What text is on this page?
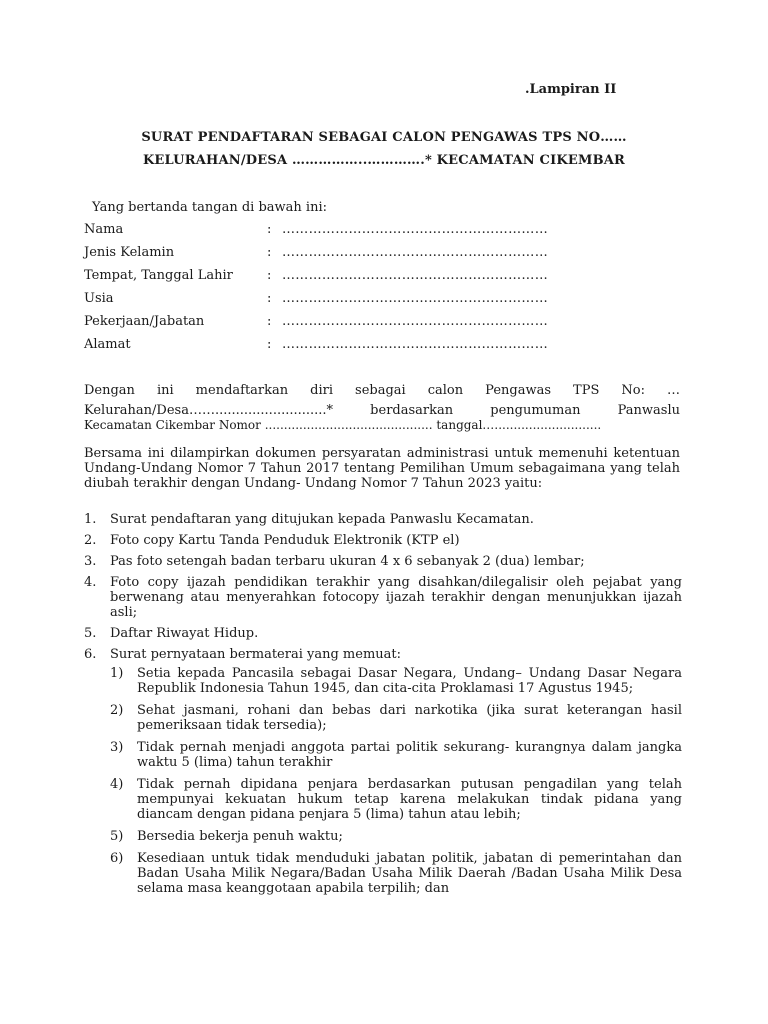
.Lampiran II
SURAT PENDAFTARAN SEBAGAI CALON PENGAWAS TPS NO……
KELURAHAN/DESA ……………..………….* KECAMATAN CIKEMBAR
Yang bertanda tangan di bawah ini:
Nama	: ……………………………………………………
Jenis Kelamin	: ……………………………………………………
Tempat, Tanggal Lahir	: ……………………………………………………
Usia	: ……………………………………………………
Pekerjaan/Jabatan	: ……………………………………………………
Alamat	: ……………………………………………………
Dengan ini mendaftarkan diri sebagai calon Pengawas TPS No: …
Kelurahan/Desa……...........................* berdasarkan pengumuman Panwaslu
Kecamatan Cikembar Nomor ............................................ tanggal.…...........................
Bersama ini dilampirkan dokumen persyaratan administrasi untuk memenuhi ketentuan Undang-Undang Nomor 7 Tahun 2017 tentang Pemilihan Umum sebagaimana yang telah diubah terakhir dengan Undang- Undang Nomor 7 Tahun 2023 yaitu:
1. Surat pendaftaran yang ditujukan kepada Panwaslu Kecamatan.
2. Foto copy Kartu Tanda Penduduk Elektronik (KTP el)
3. Pas foto setengah badan terbaru ukuran 4 x 6 sebanyak 2 (dua) lembar;
4. Foto copy ijazah pendidikan terakhir yang disahkan/dilegalisir oleh pejabat yang berwenang atau menyerahkan fotocopy ijazah terakhir dengan menunjukkan ijazah asli;
5. Daftar Riwayat Hidup.
6. Surat pernyataan bermaterai yang memuat:
1) Setia kepada Pancasila sebagai Dasar Negara, Undang– Undang Dasar Negara Republik Indonesia Tahun 1945, dan cita-cita Proklamasi 17 Agustus 1945;
2) Sehat jasmani, rohani dan bebas dari narkotika (jika surat keterangan hasil pemeriksaan tidak tersedia);
3) Tidak pernah menjadi anggota partai politik sekurang- kurangnya dalam jangka waktu 5 (lima) tahun terakhir
4) Tidak pernah dipidana penjara berdasarkan putusan pengadilan yang telah mempunyai kekuatan hukum tetap karena melakukan tindak pidana yang diancam dengan pidana penjara 5 (lima) tahun atau lebih;
5) Bersedia bekerja penuh waktu;
6) Kesediaan untuk tidak menduduki jabatan politik, jabatan di pemerintahan dan Badan Usaha Milik Negara/Badan Usaha Milik Daerah /Badan Usaha Milik Desa selama masa keanggotaan apabila terpilih; dan
